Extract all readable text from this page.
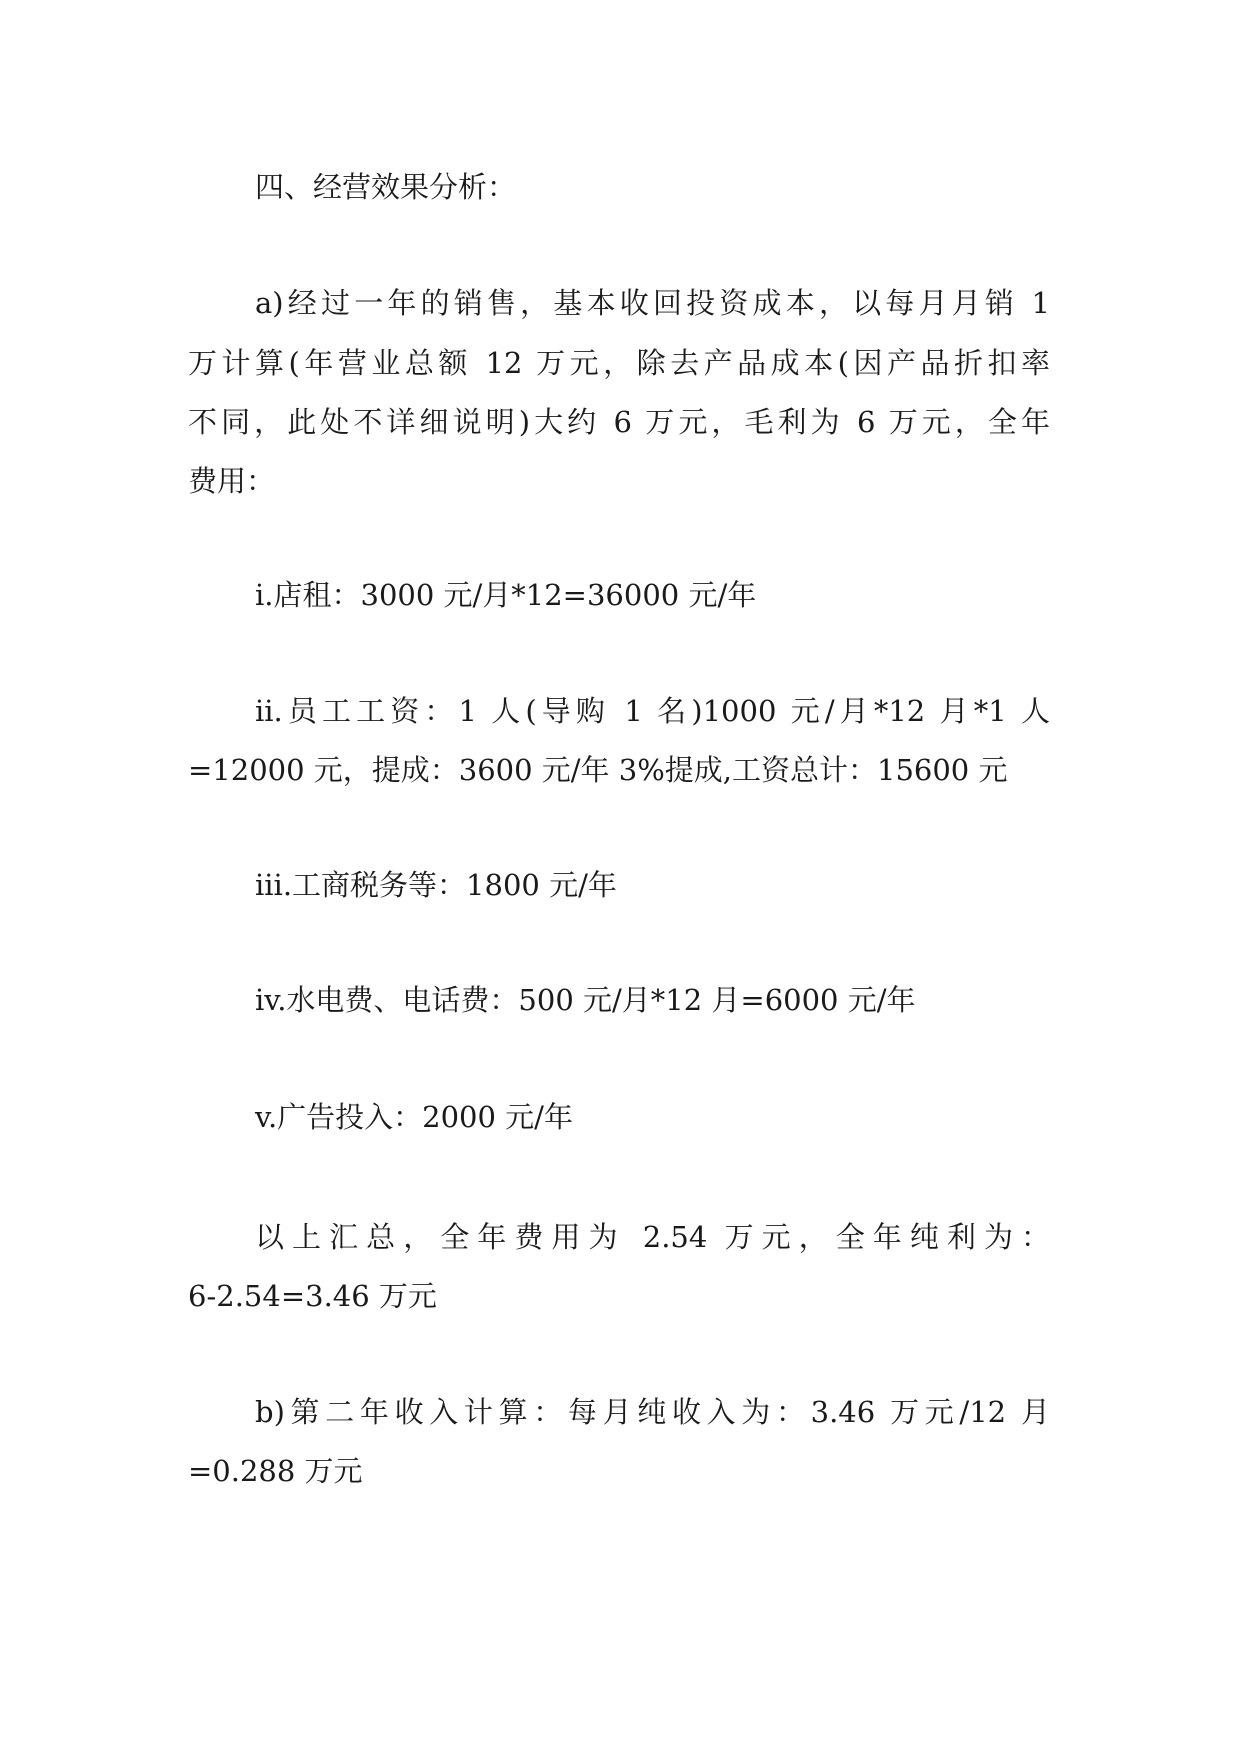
四、经营效果分析：

a)经过一年的销售，基本收回投资成本，以每月月销 1

万计算(年营业总额 12 万元，除去产品成本(因产品折扣率

不同，此处不详细说明)大约 6 万元，毛利为 6 万元，全年

费用：

i.店租：3000 元/月*12=36000 元/年

ii.员工工资：1 人(导购 1 名)1000 元/月*12 月*1 人

=12000 元，提成：3600 元/年 3%提成,工资总计：15600 元

iii.工商税务等：1800 元/年

iv.水电费、电话费：500 元/月*12 月=6000 元/年

v.广告投入：2000 元/年

以上汇总，全年费用为 2.54 万元，全年纯利为：

6-2.54=3.46 万元

b)第二年收入计算：每月纯收入为：3.46 万元/12 月

=0.288 万元
